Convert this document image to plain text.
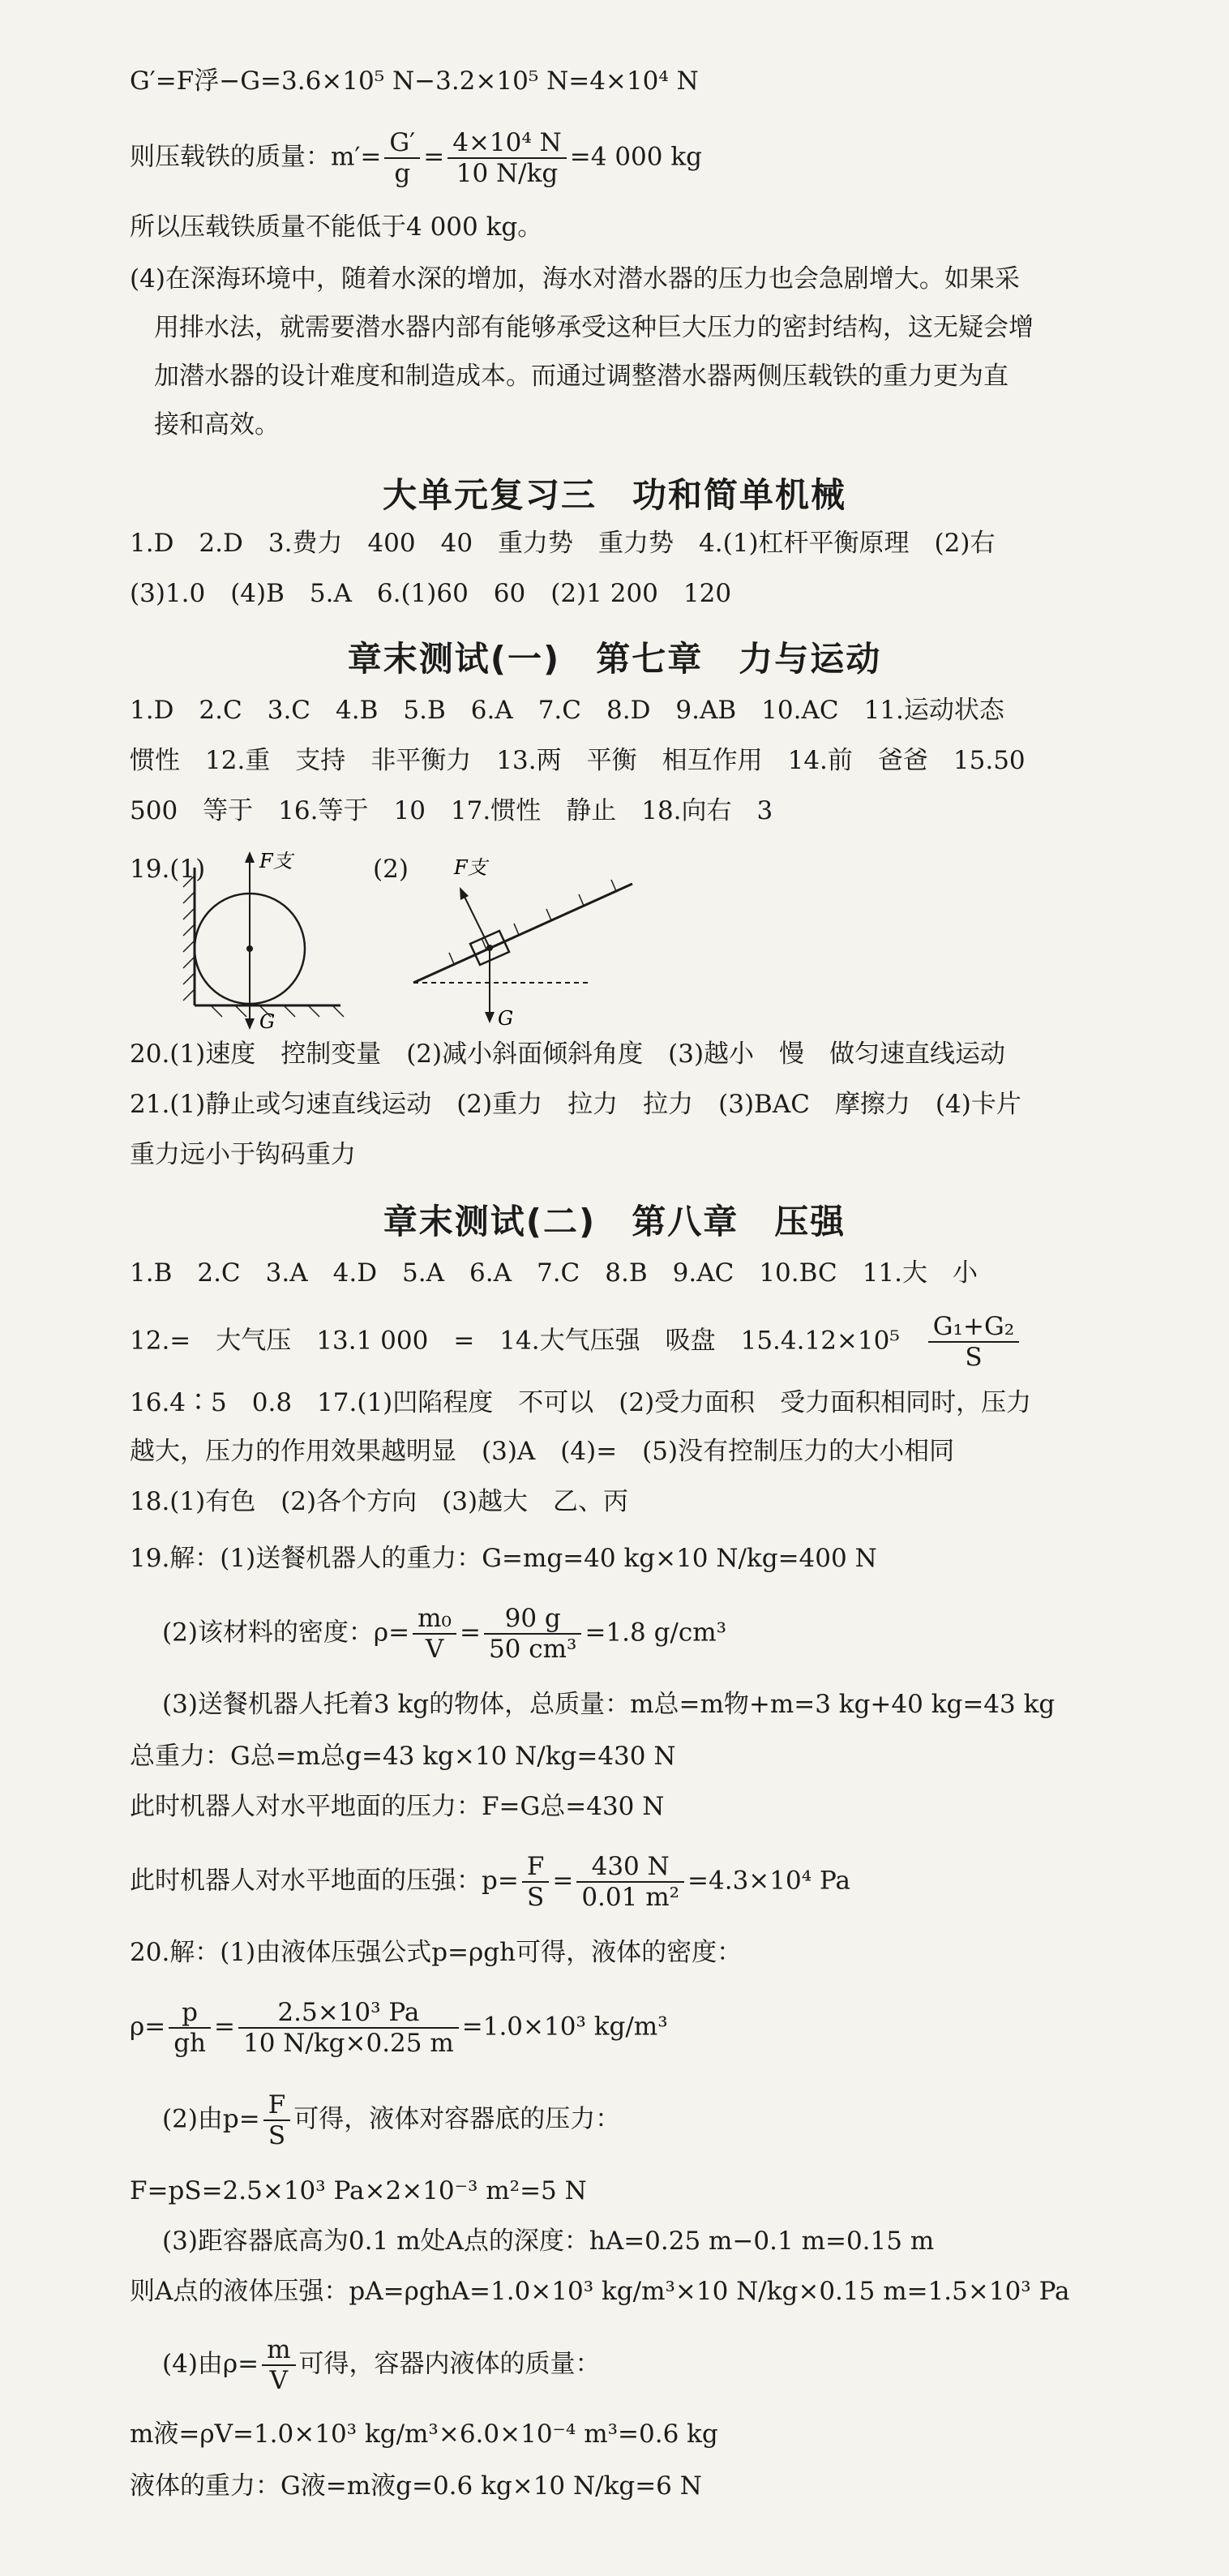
G′=F浮−G=3.6×10⁵ N−3.2×10⁵ N=4×10⁴ N
则压载铁的质量：$m'= \frac{G'}{g} = \frac{\text{4×10⁴ N}}{10 N/kg} =4$ 000 kg
所以压载铁质量不能低于4 000 kg。
(4)在深海环境中，随着水深的增加，海水对潜水器的压力也会急剧增大。如果采
用排水法，就需要潜水器内部有能够承受这种巨大压力的密封结构，这无疑会增
加潜水器的设计难度和制造成本。而通过调整潜水器两侧压载铁的重力更为直
接和高效。
大单元复习三　功和简单机械
1.D　2.D　3.费力　400　40　重力势　重力势　4.(1)杠杆平衡原理　(2)右
(3)1.0　(4)B　5.A　6.(1)60　60　(2)1 200　120
章末测试(一)　第七章　力与运动
1.D　2.C　3.C　4.B　5.B　6.A　7.C　8.D　9.AB　10.AC　11.运动状态
惯性　12.重　支持　非平衡力　13.两　平衡　相互作用　14.前　爸爸　15.50
500　等于　16.等于　10　17.惯性　静止　18.向右　3
19.(1)	(2)
F支
G
F支
G
20.(1)速度　控制变量　(2)减小斜面倾斜角度　(3)越小　慢　做匀速直线运动
21.(1)静止或匀速直线运动　(2)重力　拉力　拉力　(3)BAC　摩擦力　(4)卡片
重力远小于钩码重力
章末测试(二)　第八章　压强
1.B　2.C　3.A　4.D　5.A　6.A　7.C　8.B　9.AC　10.BC　11.大　小
12.=　大气压　13.1 000　=　14.大气压强　吸盘　15.4.12×10⁵　 $\frac{\text{G₁+G₂}}{S}$
16.4∶5　0.8　17.(1)凹陷程度　不可以　(2)受力面积　受力面积相同时，压力
越大，压力的作用效果越明显　(3)A　(4)=　(5)没有控制压力的大小相同
18.(1)有色　(2)各个方向　(3)越大　乙、丙
19.解：(1)送餐机器人的重力：G=mg=40 kg×10 N/kg=400 N
(2)该材料的密度：$\rho= \frac{\text{m₀}}{V} = \frac{90 g}{\text{50 cm³}} =1.8$ g/cm³
(3)送餐机器人托着3 kg的物体，总质量：m总=m物+m=3 kg+40 kg=43 kg
总重力：G总=m总g=43 kg×10 N/kg=430 N
此时机器人对水平地面的压力：F=G总=430 N
此时机器人对水平地面的压强：$p= \frac{F}{S} = \frac{430 N}{\text{0.01 m²}} =4.3\times 10^4$ Pa
20.解：(1)由液体压强公式p=ρgh可得，液体的密度：
$\rho= \frac{p}{gh} = \frac{\text{2.5×10³ Pa}}{10 N/kg\times 0.25 m} =1.0\times 10^3$ kg/m³
(2)由$p= \frac{F}{S}$ 可得，液体对容器底的压力：
F=pS=2.5×10³ Pa×2×10⁻³ m²=5 N
(3)距容器底高为0.1 m处A点的深度：hA=0.25 m−0.1 m=0.15 m
则A点的液体压强：pA=ρghA=1.0×10³ kg/m³×10 N/kg×0.15 m=1.5×10³ Pa
(4)由$\rho= \frac{m}{V}$ 可得，容器内液体的质量：
m液=ρV=1.0×10³ kg/m³×6.0×10⁻⁴ m³=0.6 kg
液体的重力：G液=m液g=0.6 kg×10 N/kg=6 N
